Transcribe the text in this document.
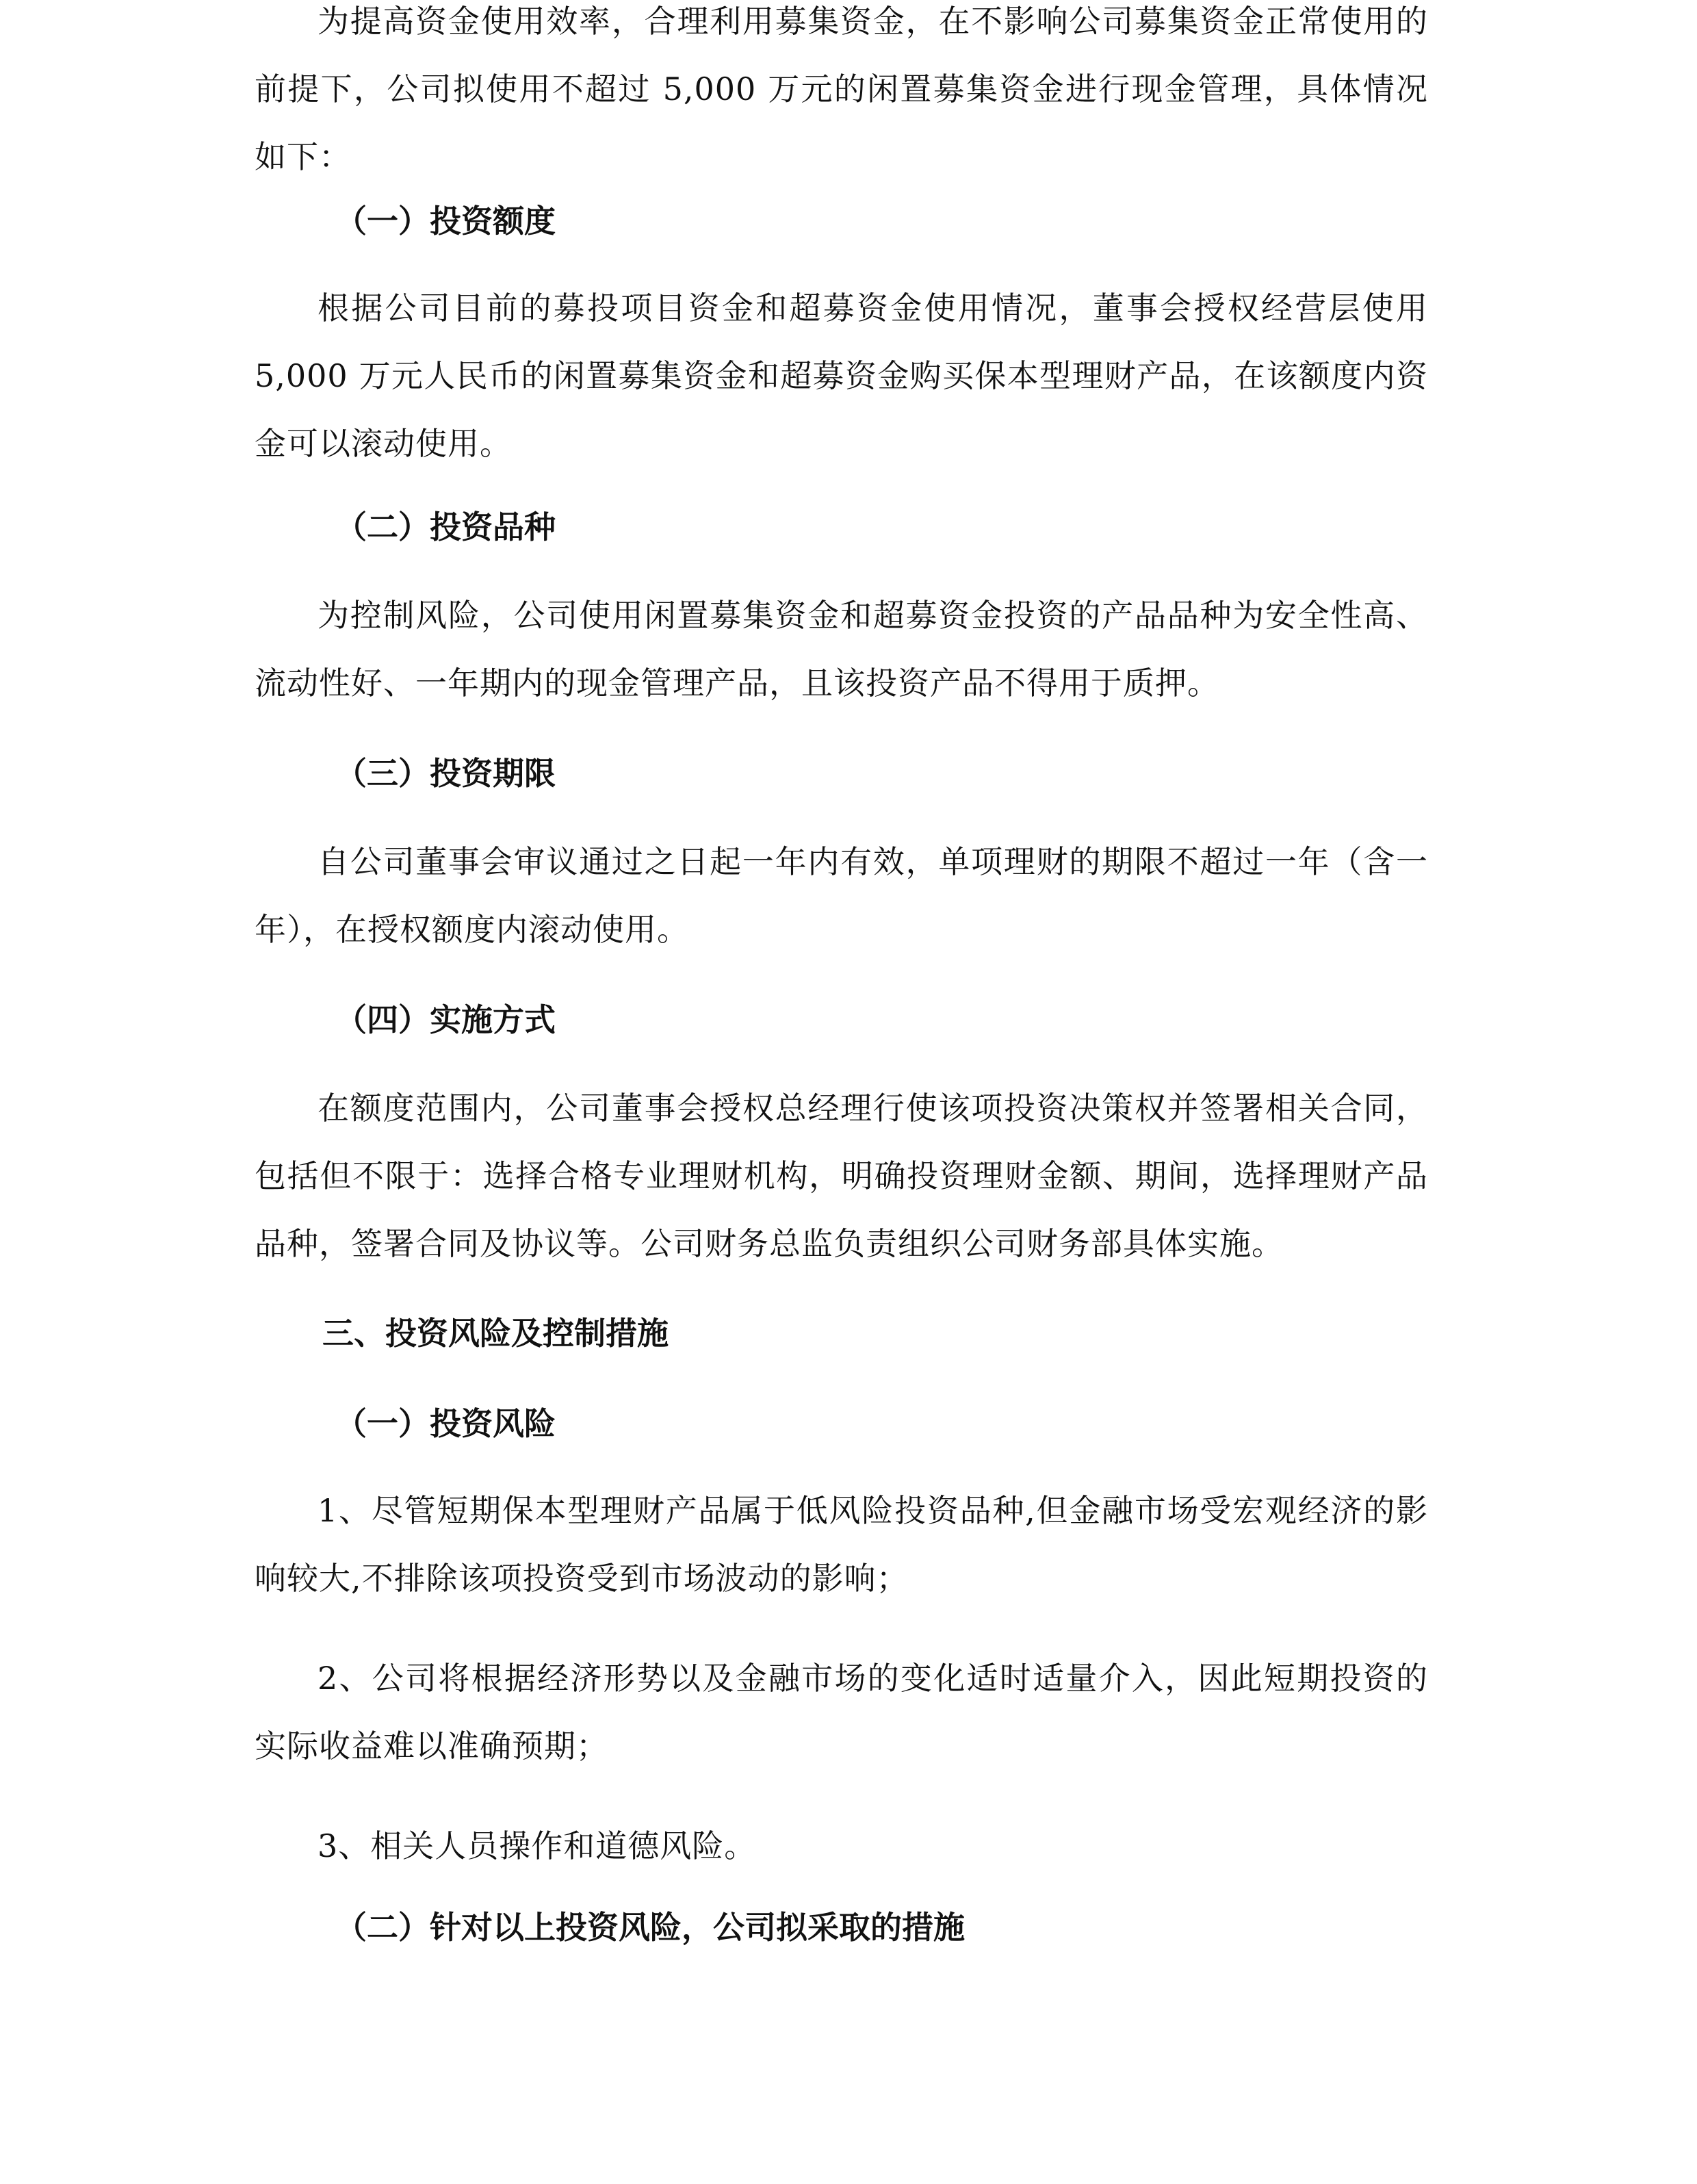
为提高资金使用效率，合理利用募集资金，在不影响公司募集资金正常使用的前提下，公司拟使用不超过 5,000 万元的闲置募集资金进行现金管理，具体情况如下：

（一）投资额度

根据公司目前的募投项目资金和超募资金使用情况，董事会授权经营层使用 5,000 万元人民币的闲置募集资金和超募资金购买保本型理财产品，在该额度内资金可以滚动使用。

（二）投资品种

为控制风险，公司使用闲置募集资金和超募资金投资的产品品种为安全性高、流动性好、一年期内的现金管理产品，且该投资产品不得用于质押。

（三）投资期限

自公司董事会审议通过之日起一年内有效，单项理财的期限不超过一年（含一年），在授权额度内滚动使用。

（四）实施方式

在额度范围内，公司董事会授权总经理行使该项投资决策权并签署相关合同，包括但不限于：选择合格专业理财机构，明确投资理财金额、期间，选择理财产品品种，签署合同及协议等。公司财务总监负责组织公司财务部具体实施。

三、投资风险及控制措施
（一）投资风险

1、尽管短期保本型理财产品属于低风险投资品种,但金融市场受宏观经济的影响较大,不排除该项投资受到市场波动的影响；

2、公司将根据经济形势以及金融市场的变化适时适量介入，因此短期投资的实际收益难以准确预期；

3、相关人员操作和道德风险。

（二）针对以上投资风险，公司拟采取的措施
